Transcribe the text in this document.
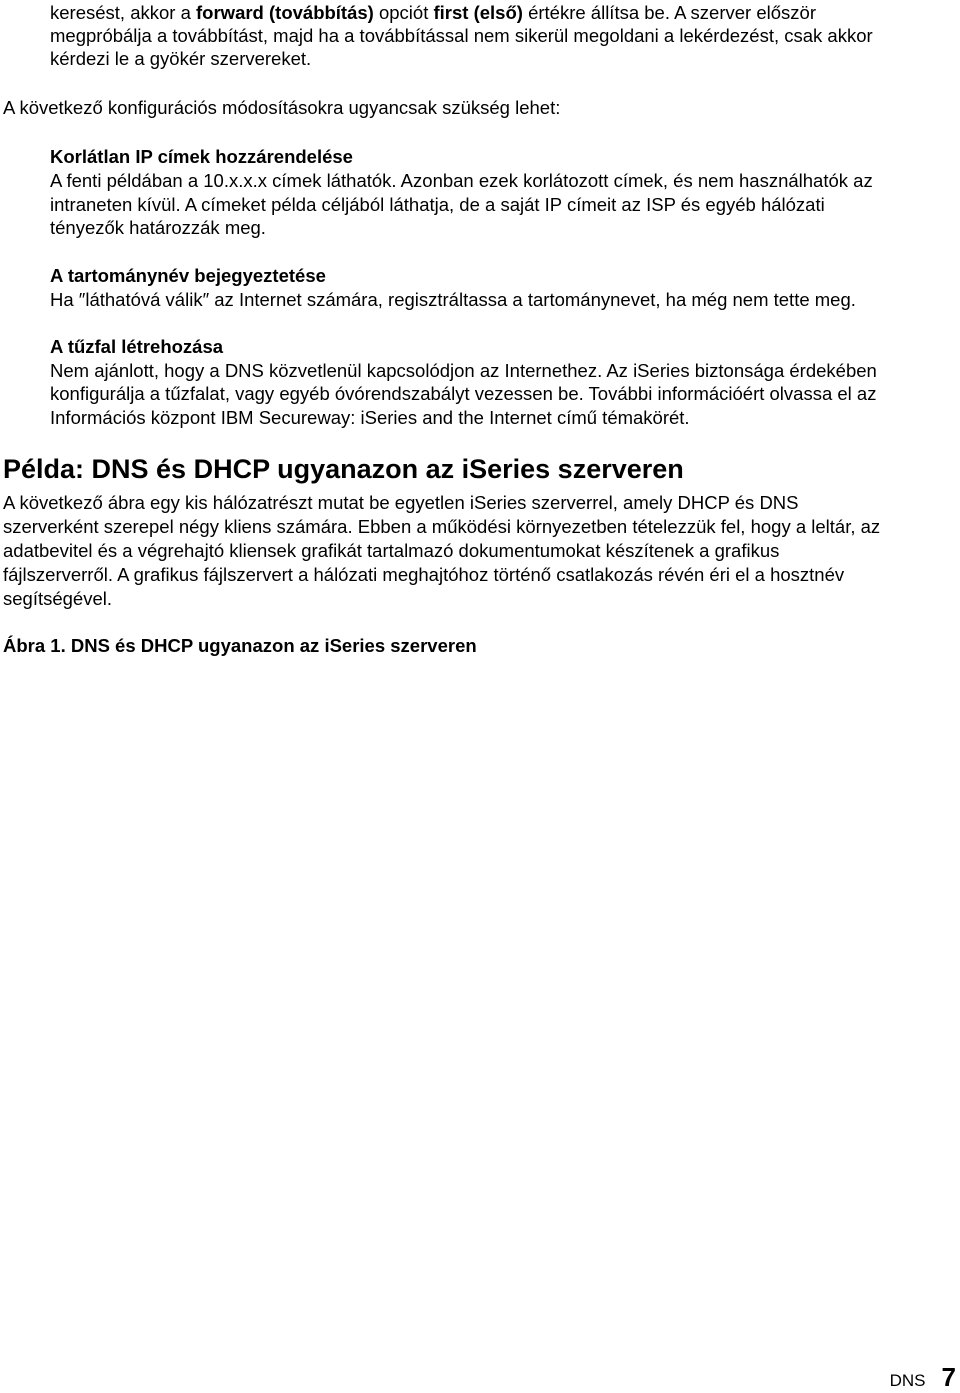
keresést, akkor a forward (továbbítás) opciót first (első) értékre állítsa be. A szerver először
megpróbálja a továbbítást, majd ha a továbbítással nem sikerül megoldani a lekérdezést, csak akkor
kérdezi le a gyökér szervereket.
A következő konfigurációs módosításokra ugyancsak szükség lehet:
Korlátlan IP címek hozzárendelése
A fenti példában a 10.x.x.x címek láthatók. Azonban ezek korlátozott címek, és nem használhatók az
intraneten kívül. A címeket példa céljából láthatja, de a saját IP címeit az ISP és egyéb hálózati
tényezők határozzák meg.
A tartománynév bejegyeztetése
Ha ″láthatóvá válik″ az Internet számára, regisztráltassa a tartománynevet, ha még nem tette meg.
A tűzfal létrehozása
Nem ajánlott, hogy a DNS közvetlenül kapcsolódjon az Internethez. Az iSeries biztonsága érdekében
konfigurálja a tűzfalat, vagy egyéb óvórendszabályt vezessen be. További információért olvassa el az
Információs központ IBM Secureway: iSeries and the Internet című témakörét.
Példa: DNS és DHCP ugyanazon az iSeries szerveren
A következő ábra egy kis hálózatrészt mutat be egyetlen iSeries szerverrel, amely DHCP és DNS
szerverként szerepel négy kliens számára. Ebben a működési környezetben tételezzük fel, hogy a leltár, az
adatbevitel és a végrehajtó kliensek grafikát tartalmazó dokumentumokat készítenek a grafikus
fájlszerverről. A grafikus fájlszervert a hálózati meghajtóhoz történő csatlakozás révén éri el a hosztnév
segítségével.
Ábra 1. DNS és DHCP ugyanazon az iSeries szerveren
DNS 7
